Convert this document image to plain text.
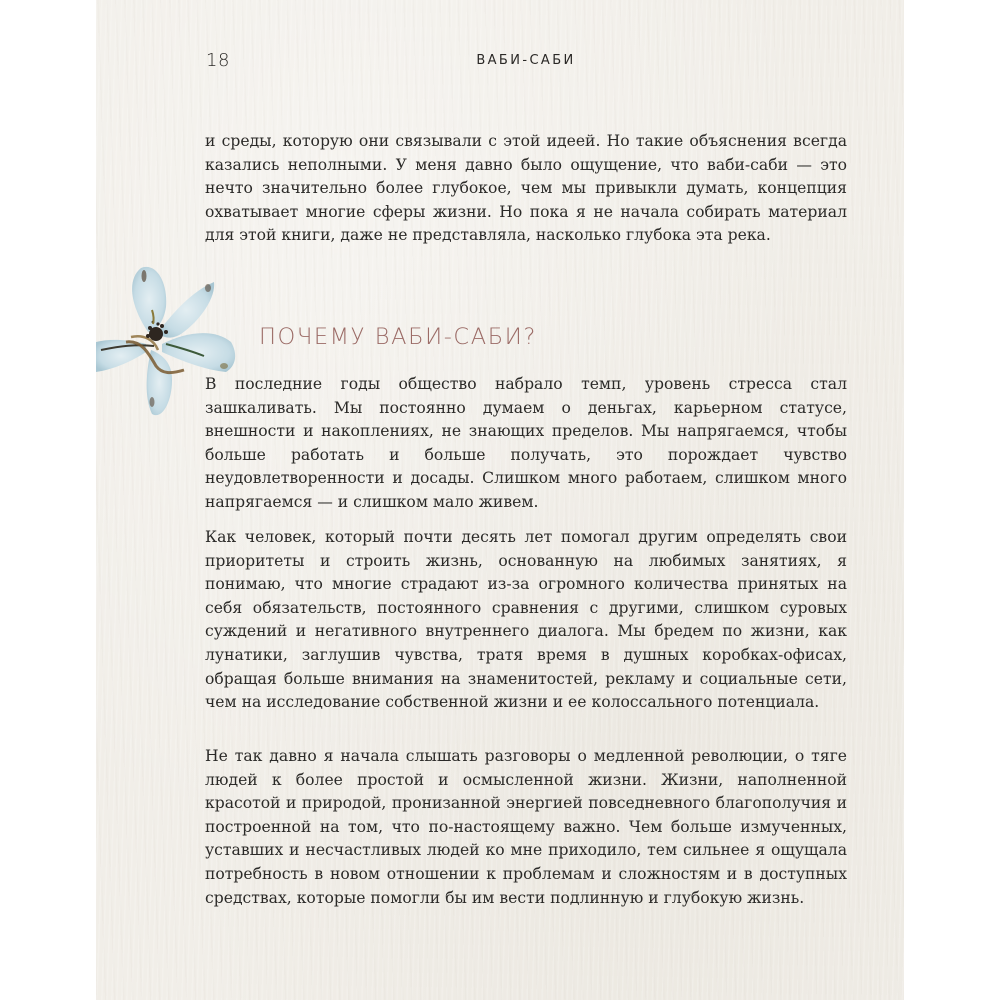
18	ВАБИ-САБИ

и среды, которую они связывали с этой идеей. Но такие объяснения всегда казались неполными. У меня давно было ощущение, что ваби-саби — это нечто значительно более глубокое, чем мы привыкли думать, концепция охватывает многие сферы жизни. Но пока я не начала собирать материал для этой книги, даже не представляла, насколько глубока эта река.

ПОЧЕМУ ВАБИ-САБИ?

В последние годы общество набрало темп, уровень стресса стал зашкаливать. Мы постоянно думаем о деньгах, карьерном статусе, внешности и накоплениях, не знающих пределов. Мы напрягаемся, чтобы больше работать и больше получать, это порождает чувство неудовлетворенности и досады. Слишком много работаем, слишком много напрягаемся — и слишком мало живем.

Как человек, который почти десять лет помогал другим определять свои приоритеты и строить жизнь, основанную на любимых занятиях, я понимаю, что многие страдают из-за огромного количества принятых на себя обязательств, постоянного сравнения с другими, слишком суровых суждений и негативного внутреннего диалога. Мы бредем по жизни, как лунатики, заглушив чувства, тратя время в душных коробках-офисах, обращая больше внимания на знаменитостей, рекламу и социальные сети, чем на исследование собственной жизни и ее колоссального потенциала.

Не так давно я начала слышать разговоры о медленной революции, о тяге людей к более простой и осмысленной жизни. Жизни, наполненной красотой и природой, пронизанной энергией повседневного благополучия и построенной на том, что по-настоящему важно. Чем больше измученных, уставших и несчастливых людей ко мне приходило, тем сильнее я ощущала потребность в новом отношении к проблемам и сложностям и в доступных средствах, которые помогли бы им вести подлинную и глубокую жизнь.
